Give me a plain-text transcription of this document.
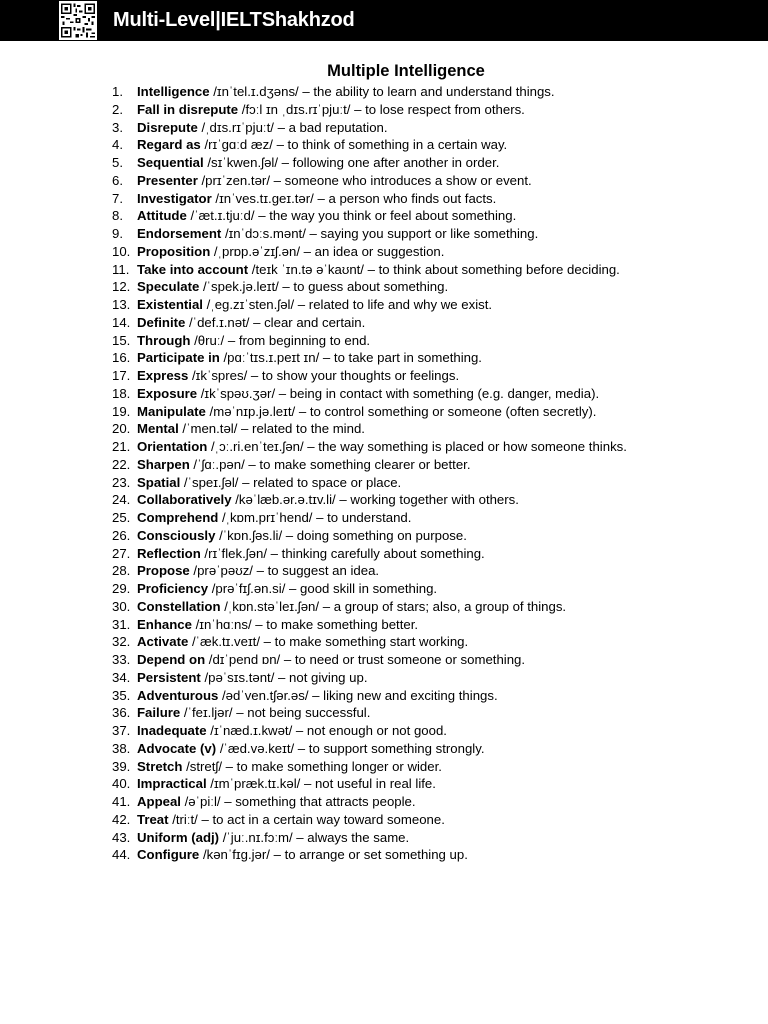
Multi-Level|IELTShakhzod
Multiple Intelligence
1. Intelligence /ɪnˈtel.ɪ.dʒəns/ – the ability to learn and understand things.
2. Fall in disrepute /fɔːl ɪn ˌdɪs.rɪˈpjuːt/ – to lose respect from others.
3. Disrepute /ˌdɪs.rɪˈpjuːt/ – a bad reputation.
4. Regard as /rɪˈɡɑːd æz/ – to think of something in a certain way.
5. Sequential /sɪˈkwen.ʃəl/ – following one after another in order.
6. Presenter /prɪˈzen.tər/ – someone who introduces a show or event.
7. Investigator /ɪnˈves.tɪ.ɡeɪ.tər/ – a person who finds out facts.
8. Attitude /ˈæt.ɪ.tjuːd/ – the way you think or feel about something.
9. Endorsement /ɪnˈdɔːs.mənt/ – saying you support or like something.
10. Proposition /ˌprɒp.əˈzɪʃ.ən/ – an idea or suggestion.
11. Take into account /teɪk ˈɪn.tə əˈkaʊnt/ – to think about something before deciding.
12. Speculate /ˈspek.jə.leɪt/ – to guess about something.
13. Existential /ˌeɡ.zɪˈsten.ʃəl/ – related to life and why we exist.
14. Definite /ˈdef.ɪ.nət/ – clear and certain.
15. Through /θruː/ – from beginning to end.
16. Participate in /pɑːˈtɪs.ɪ.peɪt ɪn/ – to take part in something.
17. Express /ɪkˈspres/ – to show your thoughts or feelings.
18. Exposure /ɪkˈspəʊ.ʒər/ – being in contact with something (e.g. danger, media).
19. Manipulate /məˈnɪp.jə.leɪt/ – to control something or someone (often secretly).
20. Mental /ˈmen.təl/ – related to the mind.
21. Orientation /ˌɔː.ri.enˈteɪ.ʃən/ – the way something is placed or how someone thinks.
22. Sharpen /ˈʃɑː.pən/ – to make something clearer or better.
23. Spatial /ˈspeɪ.ʃəl/ – related to space or place.
24. Collaboratively /kəˈlæb.ər.ə.tɪv.li/ – working together with others.
25. Comprehend /ˌkɒm.prɪˈhend/ – to understand.
26. Consciously /ˈkɒn.ʃəs.li/ – doing something on purpose.
27. Reflection /rɪˈflek.ʃən/ – thinking carefully about something.
28. Propose /prəˈpəʊz/ – to suggest an idea.
29. Proficiency /prəˈfɪʃ.ən.si/ – good skill in something.
30. Constellation /ˌkɒn.stəˈleɪ.ʃən/ – a group of stars; also, a group of things.
31. Enhance /ɪnˈhɑːns/ – to make something better.
32. Activate /ˈæk.tɪ.veɪt/ – to make something start working.
33. Depend on /dɪˈpend ɒn/ – to need or trust someone or something.
34. Persistent /pəˈsɪs.tənt/ – not giving up.
35. Adventurous /ədˈven.tʃər.əs/ – liking new and exciting things.
36. Failure /ˈfeɪ.ljər/ – not being successful.
37. Inadequate /ɪˈnæd.ɪ.kwət/ – not enough or not good.
38. Advocate (v) /ˈæd.və.keɪt/ – to support something strongly.
39. Stretch /stretʃ/ – to make something longer or wider.
40. Impractical /ɪmˈpræk.tɪ.kəl/ – not useful in real life.
41. Appeal /əˈpiːl/ – something that attracts people.
42. Treat /triːt/ – to act in a certain way toward someone.
43. Uniform (adj) /ˈjuː.nɪ.fɔːm/ – always the same.
44. Configure /kənˈfɪɡ.jər/ – to arrange or set something up.
